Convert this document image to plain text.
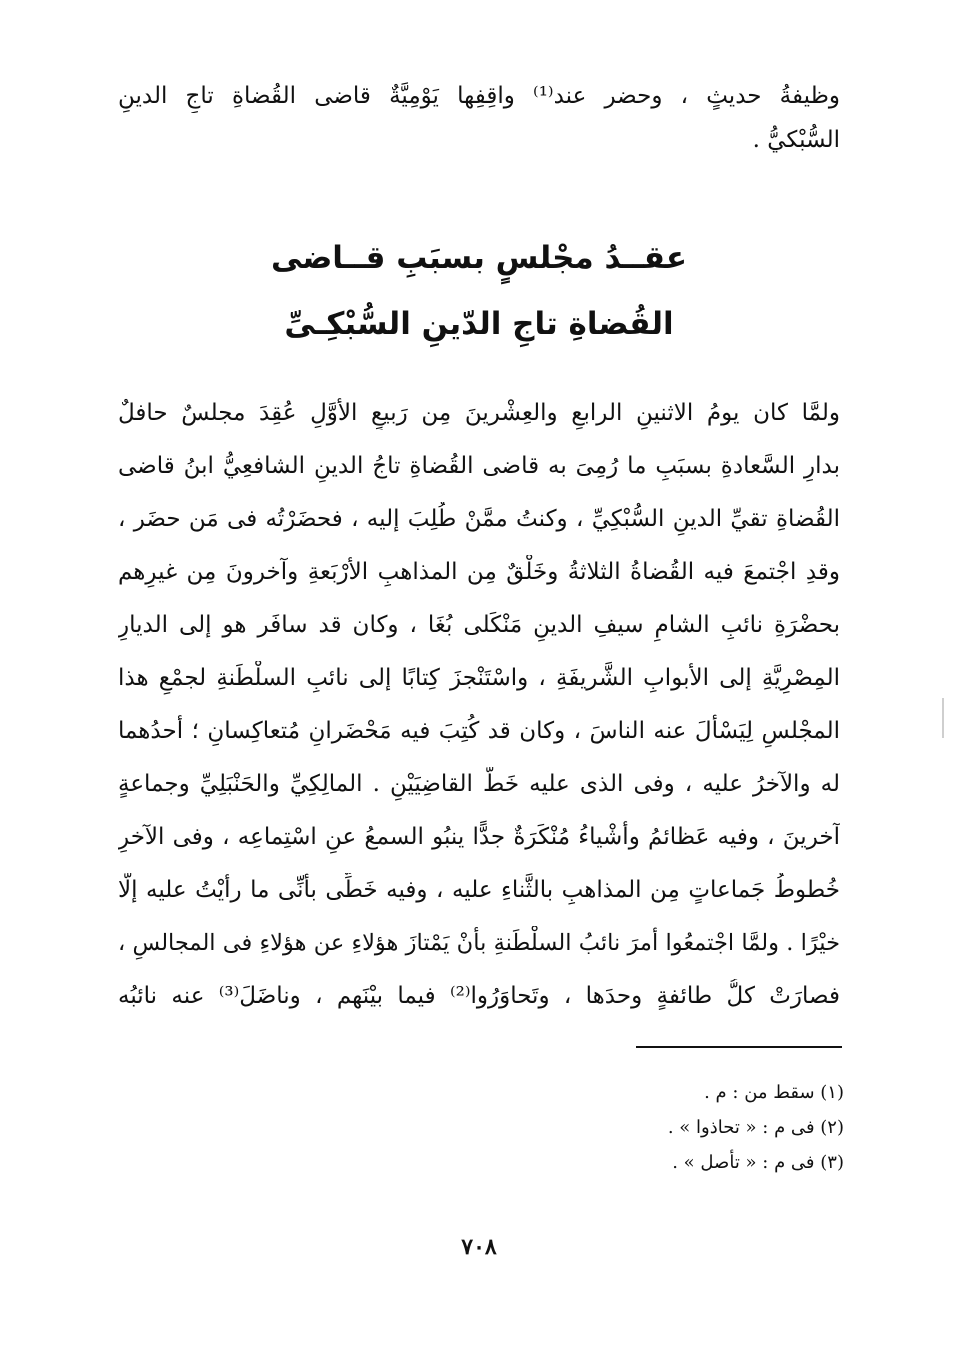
وظيفةُ حديثٍ ، وحضر عند⁽¹⁾ واقِفِها يَوْمِيَّةٌ قاضى القُضاةِ تاجِ الدينِ
السُّبْكيُّ .
عقــدُ مجْلسٍ بسبَبِ قــاضى
القُضاةِ تاجِ الدّينِ السُّبْكِـىِّ
ولمَّا كان يومُ الاثنينِ الرابعِ والعِشْرينَ مِن رَبيعٍ الأوَّلِ عُقِدَ مجلسٌ حافلٌ
بدارِ السَّعادةِ بسبَبِ ما رُمِىَ به قاضى القُضاةِ تاجُ الدينِ الشافعِيُّ ابنُ قاضى
القُضاةِ تقيِّ الدينِ السُّبْكِيِّ ، وكنتُ ممَّنْ طُلِبَ إليه ، فحضَرْتُه فى مَن حضَر ،
وقدِ اجْتمعَ فيه القُضاةُ الثلاثةُ وخَلْقٌ مِن المذاهبِ الأرْبَعةِ وآخرونَ مِن غيرِهم
بحضْرَةِ نائبِ الشامِ سيفِ الدينِ مَنْكَلى بُغَا ، وكان قد سافَر هو إلى الديارِ
المِصْرِيَّةِ إلى الأبوابِ الشَّريفَةِ ، واسْتَنْجزَ كِتابًا إلى نائبِ السلْطَنةِ لجمْعِ هذا
المجْلسِ لِيَسْأَلَ عنه الناسَ ، وكان قد كُتِبَ فيه مَحْضَرانِ مُتعاكِسانِ ؛ أحدُهما
له والآخرُ عليه ، وفى الذى عليه خَطُّ القاضِيَيْنِ . المالِكِيِّ والحَنْبَلِيِّ وجماعةٍ
آخرينَ ، وفيه عَظائمُ وأشْياءُ مُنْكَرَةٌ جدًّا ينبُو السمعُ عنِ اسْتِماعِه ، وفى الآخرِ
خُطوطُ جَماعاتٍ مِن المذاهبِ بالثَّناءِ عليه ، وفيه خَطِّى بأنِّى ما رأيْتُ عليه إلَّا
خيْرًا . ولمَّا اجْتمعُوا أمرَ نائبُ السلْطَنةِ بأنْ يَمْتازَ هؤلاءِ عن هؤلاءِ فى المجالسِ ،
فصارَتْ كلُّ طائفةٍ وحدَها ، وتَحاوَرُوا⁽²⁾ فيما بيْنَهم ، وناضَلَ⁽³⁾ عنه نائبُه
(١) سقط من : م .
(٢) فى م : « تحاذوا » .
(٣) فى م : « تأصل » .
٧٠٨
